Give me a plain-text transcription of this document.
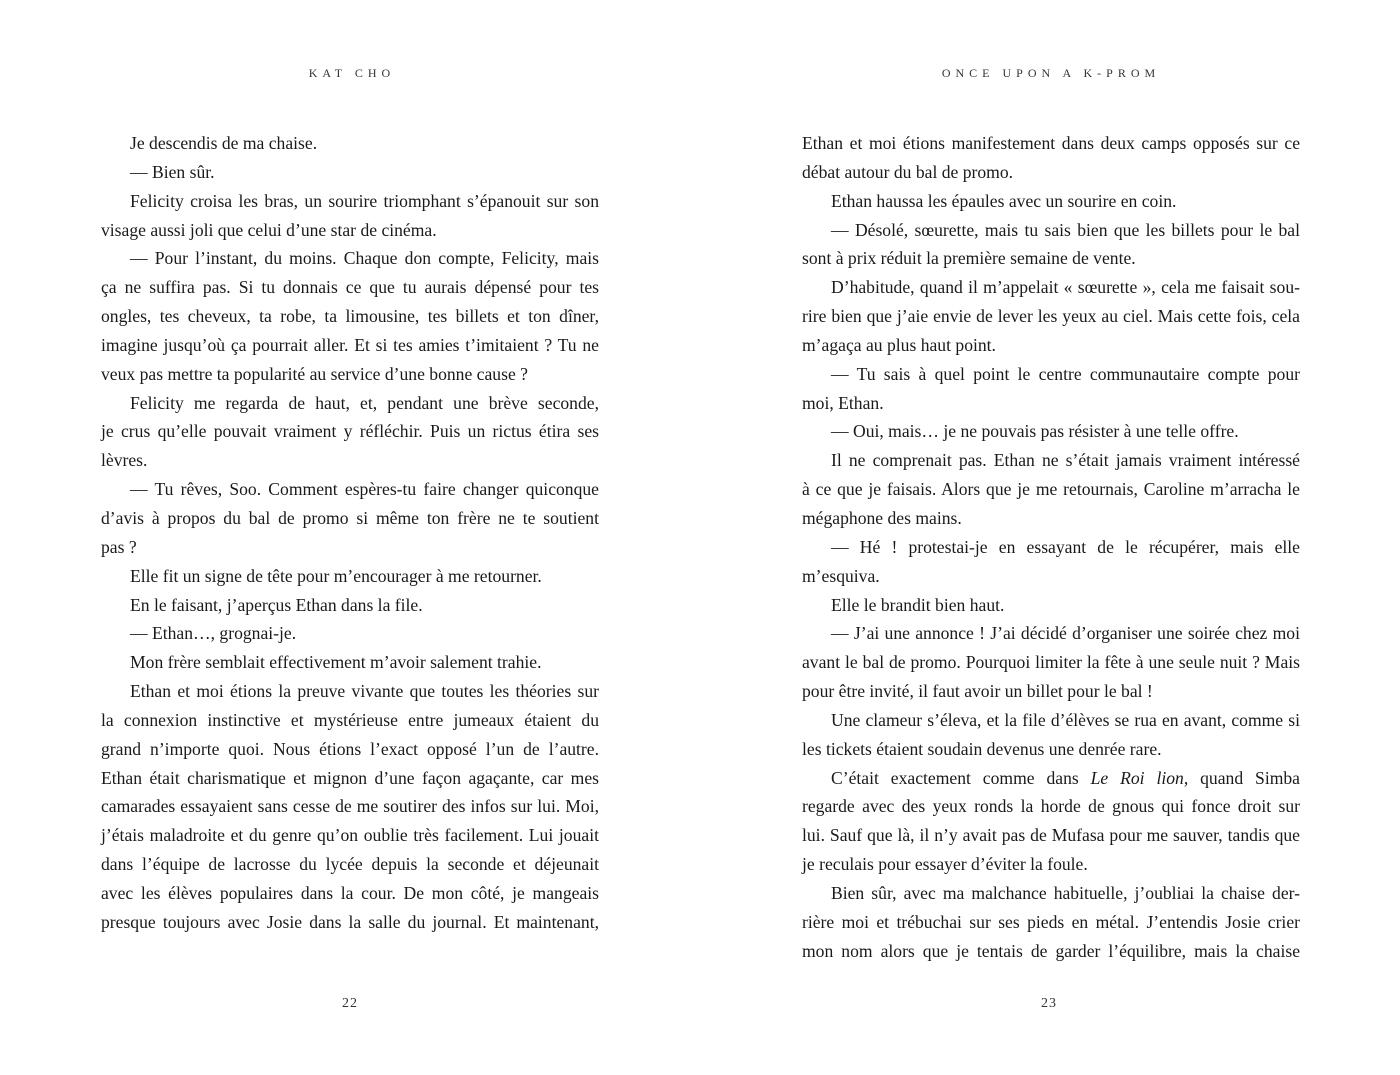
KAT CHO
Je descendis de ma chaise.
— Bien sûr.
Felicity croisa les bras, un sourire triomphant s’épanouit sur son
visage aussi joli que celui d’une star de cinéma.
— Pour l’instant, du moins. Chaque don compte, Felicity, mais
ça ne suffira pas. Si tu donnais ce que tu aurais dépensé pour tes
ongles, tes cheveux, ta robe, ta limousine, tes billets et ton dîner,
imagine jusqu’où ça pourrait aller. Et si tes amies t’imitaient ? Tu ne
veux pas mettre ta popularité au service d’une bonne cause ?
Felicity me regarda de haut, et, pendant une brève seconde,
je crus qu’elle pouvait vraiment y réfléchir. Puis un rictus étira ses
lèvres.
— Tu rêves, Soo. Comment espères-tu faire changer quiconque
d’avis à propos du bal de promo si même ton frère ne te soutient
pas ?
Elle fit un signe de tête pour m’encourager à me retourner.
En le faisant, j’aperçus Ethan dans la file.
— Ethan…, grognai-je.
Mon frère semblait effectivement m’avoir salement trahie.
Ethan et moi étions la preuve vivante que toutes les théories sur
la connexion instinctive et mystérieuse entre jumeaux étaient du
grand n’importe quoi. Nous étions l’exact opposé l’un de l’autre.
Ethan était charismatique et mignon d’une façon agaçante, car mes
camarades essayaient sans cesse de me soutirer des infos sur lui. Moi,
j’étais maladroite et du genre qu’on oublie très facilement. Lui jouait
dans l’équipe de lacrosse du lycée depuis la seconde et déjeunait
avec les élèves populaires dans la cour. De mon côté, je mangeais
presque toujours avec Josie dans la salle du journal. Et maintenant,
22
ONCE UPON A K-PROM
Ethan et moi étions manifestement dans deux camps opposés sur ce
débat autour du bal de promo.
Ethan haussa les épaules avec un sourire en coin.
— Désolé, sœurette, mais tu sais bien que les billets pour le bal
sont à prix réduit la première semaine de vente.
D’habitude, quand il m’appelait « sœurette », cela me faisait sou-
rire bien que j’aie envie de lever les yeux au ciel. Mais cette fois, cela
m’agaça au plus haut point.
— Tu sais à quel point le centre communautaire compte pour
moi, Ethan.
— Oui, mais… je ne pouvais pas résister à une telle offre.
Il ne comprenait pas. Ethan ne s’était jamais vraiment intéressé
à ce que je faisais. Alors que je me retournais, Caroline m’arracha le
mégaphone des mains.
— Hé ! protestai-je en essayant de le récupérer, mais elle
m’esquiva.
Elle le brandit bien haut.
— J’ai une annonce ! J’ai décidé d’organiser une soirée chez moi
avant le bal de promo. Pourquoi limiter la fête à une seule nuit ? Mais
pour être invité, il faut avoir un billet pour le bal !
Une clameur s’éleva, et la file d’élèves se rua en avant, comme si
les tickets étaient soudain devenus une denrée rare.
C’était exactement comme dans Le Roi lion, quand Simba
regarde avec des yeux ronds la horde de gnous qui fonce droit sur
lui. Sauf que là, il n’y avait pas de Mufasa pour me sauver, tandis que
je reculais pour essayer d’éviter la foule.
Bien sûr, avec ma malchance habituelle, j’oubliai la chaise der-
rière moi et trébuchai sur ses pieds en métal. J’entendis Josie crier
mon nom alors que je tentais de garder l’équilibre, mais la chaise
23
